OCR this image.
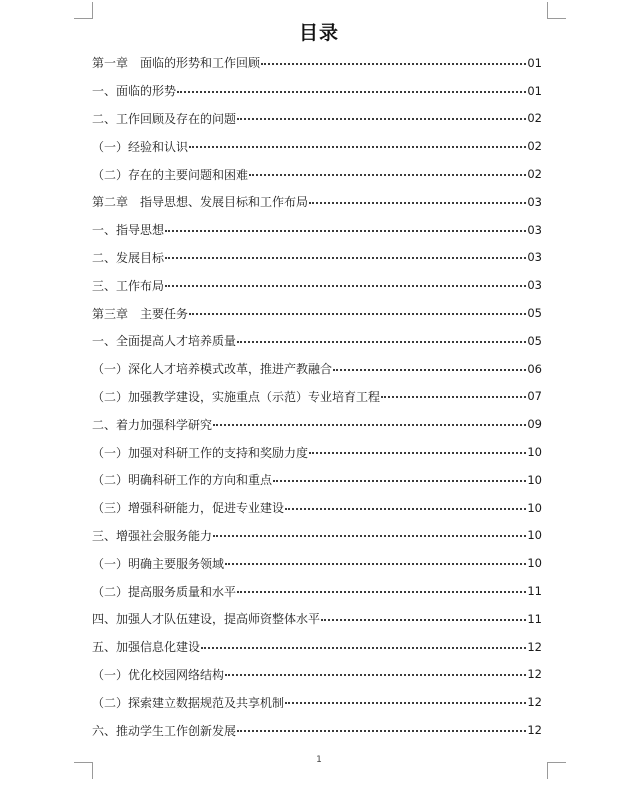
目录
第一章　面临的形势和工作回顾	01
一、面临的形势	01
二、工作回顾及存在的问题	02
（一）经验和认识	02
（二）存在的主要问题和困难	02
第二章　指导思想、发展目标和工作布局	03
一、指导思想	03
二、发展目标	03
三、工作布局	03
第三章　主要任务	05
一、全面提高人才培养质量	05
（一）深化人才培养模式改革，推进产教融合	06
（二）加强教学建设，实施重点（示范）专业培育工程	07
二、着力加强科学研究	09
（一）加强对科研工作的支持和奖励力度	10
（二）明确科研工作的方向和重点	10
（三）增强科研能力，促进专业建设	10
三、增强社会服务能力	10
（一）明确主要服务领域	10
（二）提高服务质量和水平	11
四、加强人才队伍建设，提高师资整体水平	11
五、加强信息化建设	12
（一）优化校园网络结构	12
（二）探索建立数据规范及共享机制	12
六、推动学生工作创新发展	12
1
